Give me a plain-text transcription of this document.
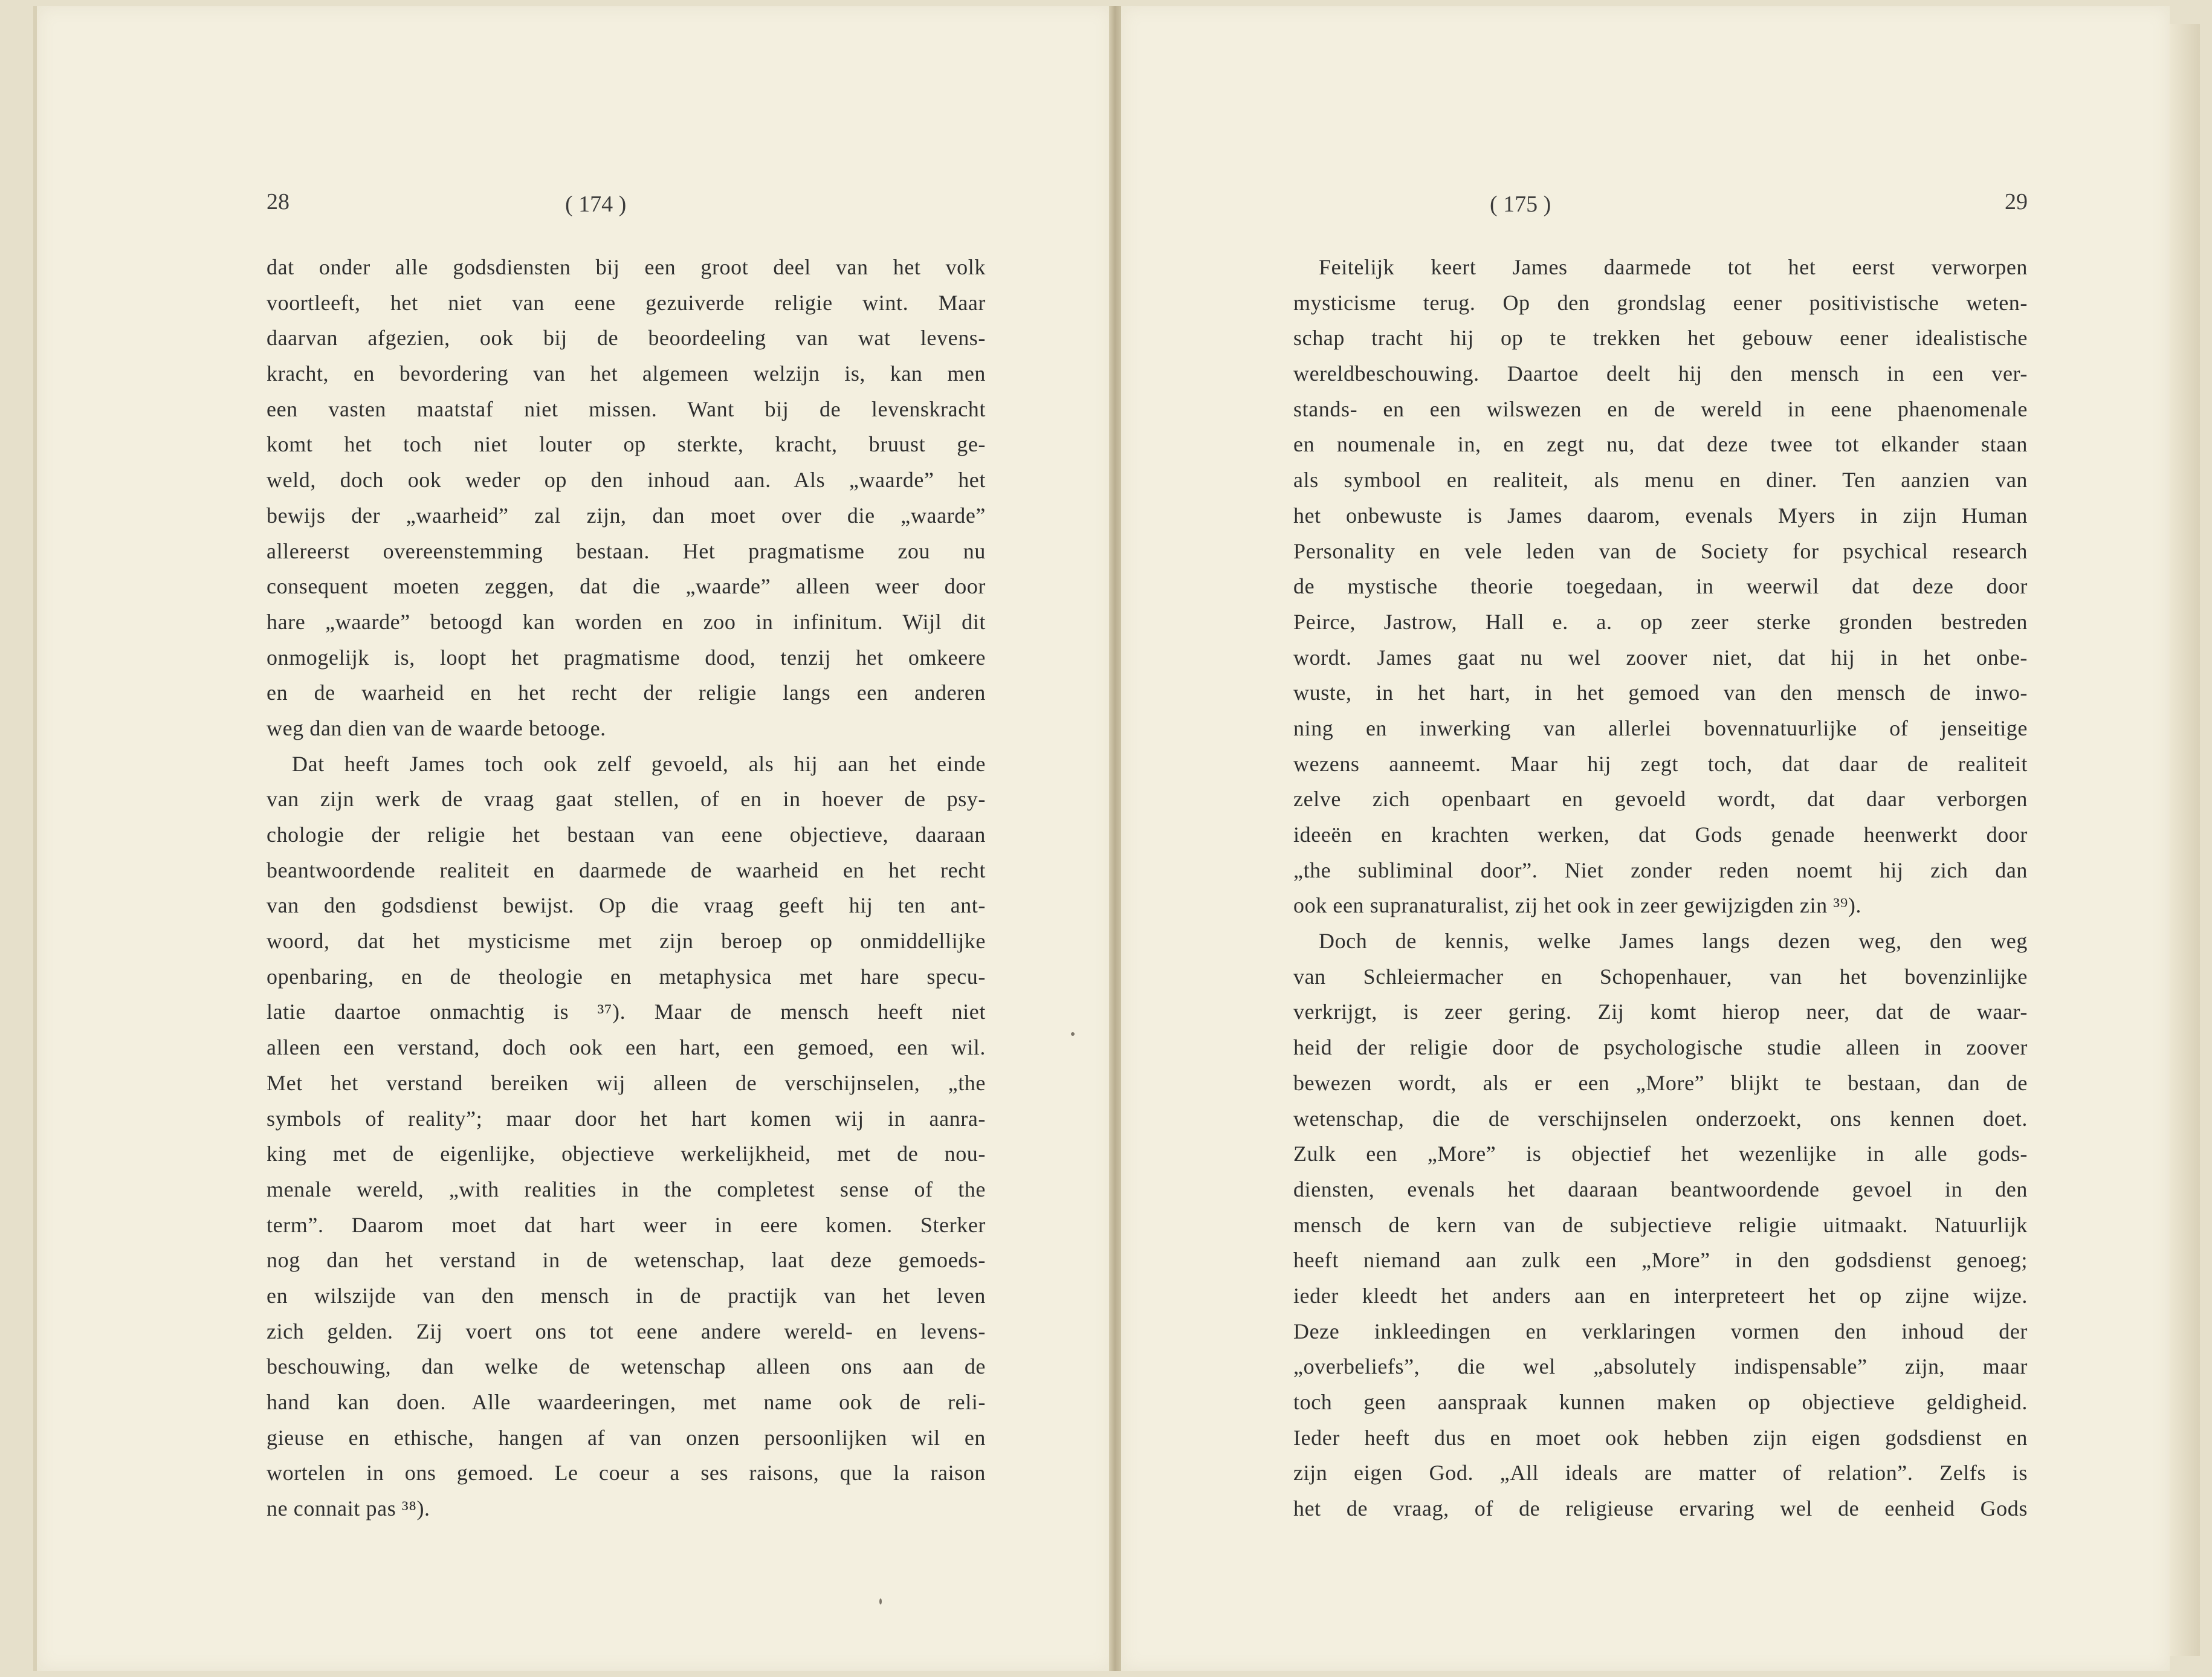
28	( 174 )
dat onder alle godsdiensten bij een groot deel van het volk
voortleeft, het niet van eene gezuiverde religie wint. Maar
daarvan afgezien, ook bij de beoordeeling van wat levens-
kracht, en bevordering van het algemeen welzijn is, kan men
een vasten maatstaf niet missen. Want bij de levenskracht
komt het toch niet louter op sterkte, kracht, bruust ge-
weld, doch ook weder op den inhoud aan. Als „waarde” het
bewijs der „waarheid” zal zijn, dan moet over die „waarde”
allereerst overeenstemming bestaan. Het pragmatisme zou nu
consequent moeten zeggen, dat die „waarde” alleen weer door
hare „waarde” betoogd kan worden en zoo in infinitum. Wijl dit
onmogelijk is, loopt het pragmatisme dood, tenzij het omkeere
en de waarheid en het recht der religie langs een anderen
weg dan dien van de waarde betooge.
Dat heeft James toch ook zelf gevoeld, als hij aan het einde
van zijn werk de vraag gaat stellen, of en in hoever de psy-
chologie der religie het bestaan van eene objectieve, daaraan
beantwoordende realiteit en daarmede de waarheid en het recht
van den godsdienst bewijst. Op die vraag geeft hij ten ant-
woord, dat het mysticisme met zijn beroep op onmiddellijke
openbaring, en de theologie en metaphysica met hare specu-
latie daartoe onmachtig is ³⁷). Maar de mensch heeft niet
alleen een verstand, doch ook een hart, een gemoed, een wil.
Met het verstand bereiken wij alleen de verschijnselen, „the
symbols of reality”; maar door het hart komen wij in aanra-
king met de eigenlijke, objectieve werkelijkheid, met de nou-
menale wereld, „with realities in the completest sense of the
term”. Daarom moet dat hart weer in eere komen. Sterker
nog dan het verstand in de wetenschap, laat deze gemoeds-
en wilszijde van den mensch in de practijk van het leven
zich gelden. Zij voert ons tot eene andere wereld- en levens-
beschouwing, dan welke de wetenschap alleen ons aan de
hand kan doen. Alle waardeeringen, met name ook de reli-
gieuse en ethische, hangen af van onzen persoonlijken wil en
wortelen in ons gemoed. Le coeur a ses raisons, que la raison
ne connait pas ³⁸).
( 175 )	29
Feitelijk keert James daarmede tot het eerst verworpen
mysticisme terug. Op den grondslag eener positivistische weten-
schap tracht hij op te trekken het gebouw eener idealistische
wereldbeschouwing. Daartoe deelt hij den mensch in een ver-
stands- en een wilswezen en de wereld in eene phaenomenale
en noumenale in, en zegt nu, dat deze twee tot elkander staan
als symbool en realiteit, als menu en diner. Ten aanzien van
het onbewuste is James daarom, evenals Myers in zijn Human
Personality en vele leden van de Society for psychical research
de mystische theorie toegedaan, in weerwil dat deze door
Peirce, Jastrow, Hall e. a. op zeer sterke gronden bestreden
wordt. James gaat nu wel zoover niet, dat hij in het onbe-
wuste, in het hart, in het gemoed van den mensch de inwo-
ning en inwerking van allerlei bovennatuurlijke of jenseitige
wezens aanneemt. Maar hij zegt toch, dat daar de realiteit
zelve zich openbaart en gevoeld wordt, dat daar verborgen
ideeën en krachten werken, dat Gods genade heenwerkt door
„the subliminal door”. Niet zonder reden noemt hij zich dan
ook een supranaturalist, zij het ook in zeer gewijzigden zin ³⁹).
Doch de kennis, welke James langs dezen weg, den weg
van Schleiermacher en Schopenhauer, van het bovenzinlijke
verkrijgt, is zeer gering. Zij komt hierop neer, dat de waar-
heid der religie door de psychologische studie alleen in zoover
bewezen wordt, als er een „More” blijkt te bestaan, dan de
wetenschap, die de verschijnselen onderzoekt, ons kennen doet.
Zulk een „More” is objectief het wezenlijke in alle gods-
diensten, evenals het daaraan beantwoordende gevoel in den
mensch de kern van de subjectieve religie uitmaakt. Natuurlijk
heeft niemand aan zulk een „More” in den godsdienst genoeg;
ieder kleedt het anders aan en interpreteert het op zijne wijze.
Deze inkleedingen en verklaringen vormen den inhoud der
„overbeliefs”, die wel „absolutely indispensable” zijn, maar
toch geen aanspraak kunnen maken op objectieve geldigheid.
Ieder heeft dus en moet ook hebben zijn eigen godsdienst en
zijn eigen God. „All ideals are matter of relation”. Zelfs is
het de vraag, of de religieuse ervaring wel de eenheid Gods
